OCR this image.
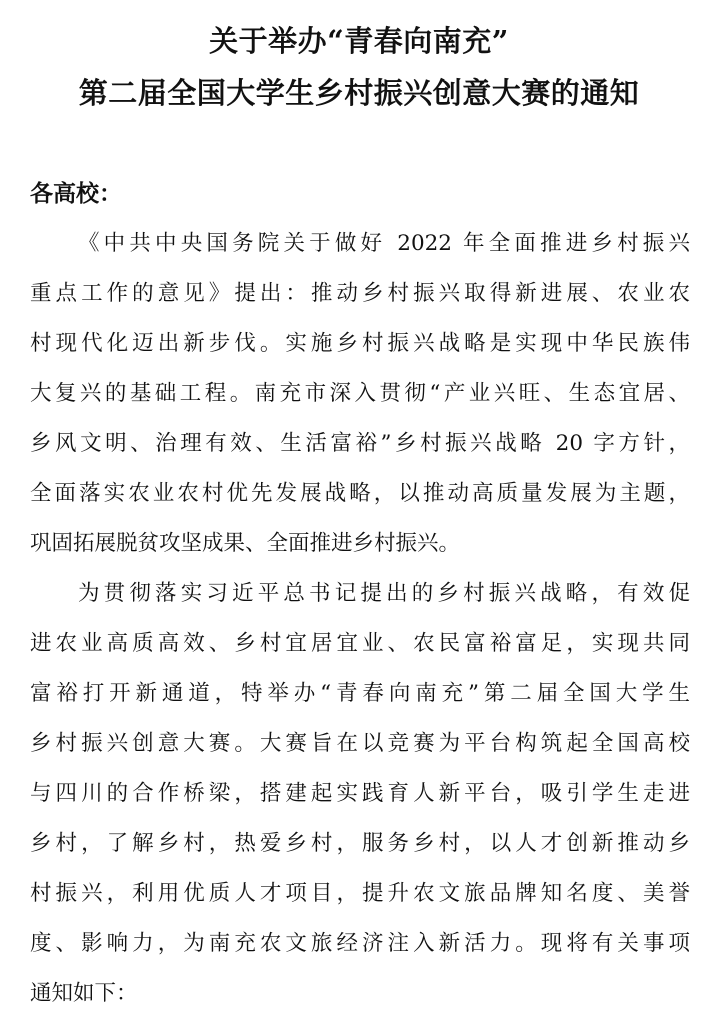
关于举办“青春向南充”
第二届全国大学生乡村振兴创意大赛的通知
各高校：
《中共中央国务院关于做好 2022 年全面推进乡村振兴
重点工作的意见》提出：推动乡村振兴取得新进展、农业农
村现代化迈出新步伐。实施乡村振兴战略是实现中华民族伟
大复兴的基础工程。南充市深入贯彻“产业兴旺、生态宜居、
乡风文明、治理有效、生活富裕”乡村振兴战略 20 字方针，
全面落实农业农村优先发展战略，以推动高质量发展为主题，
巩固拓展脱贫攻坚成果、全面推进乡村振兴。
为贯彻落实习近平总书记提出的乡村振兴战略，有效促
进农业高质高效、乡村宜居宜业、农民富裕富足，实现共同
富裕打开新通道，特举办“青春向南充”第二届全国大学生
乡村振兴创意大赛。大赛旨在以竞赛为平台构筑起全国高校
与四川的合作桥梁，搭建起实践育人新平台，吸引学生走进
乡村，了解乡村，热爱乡村，服务乡村，以人才创新推动乡
村振兴，利用优质人才项目，提升农文旅品牌知名度、美誉
度、影响力，为南充农文旅经济注入新活力。现将有关事项
通知如下：
